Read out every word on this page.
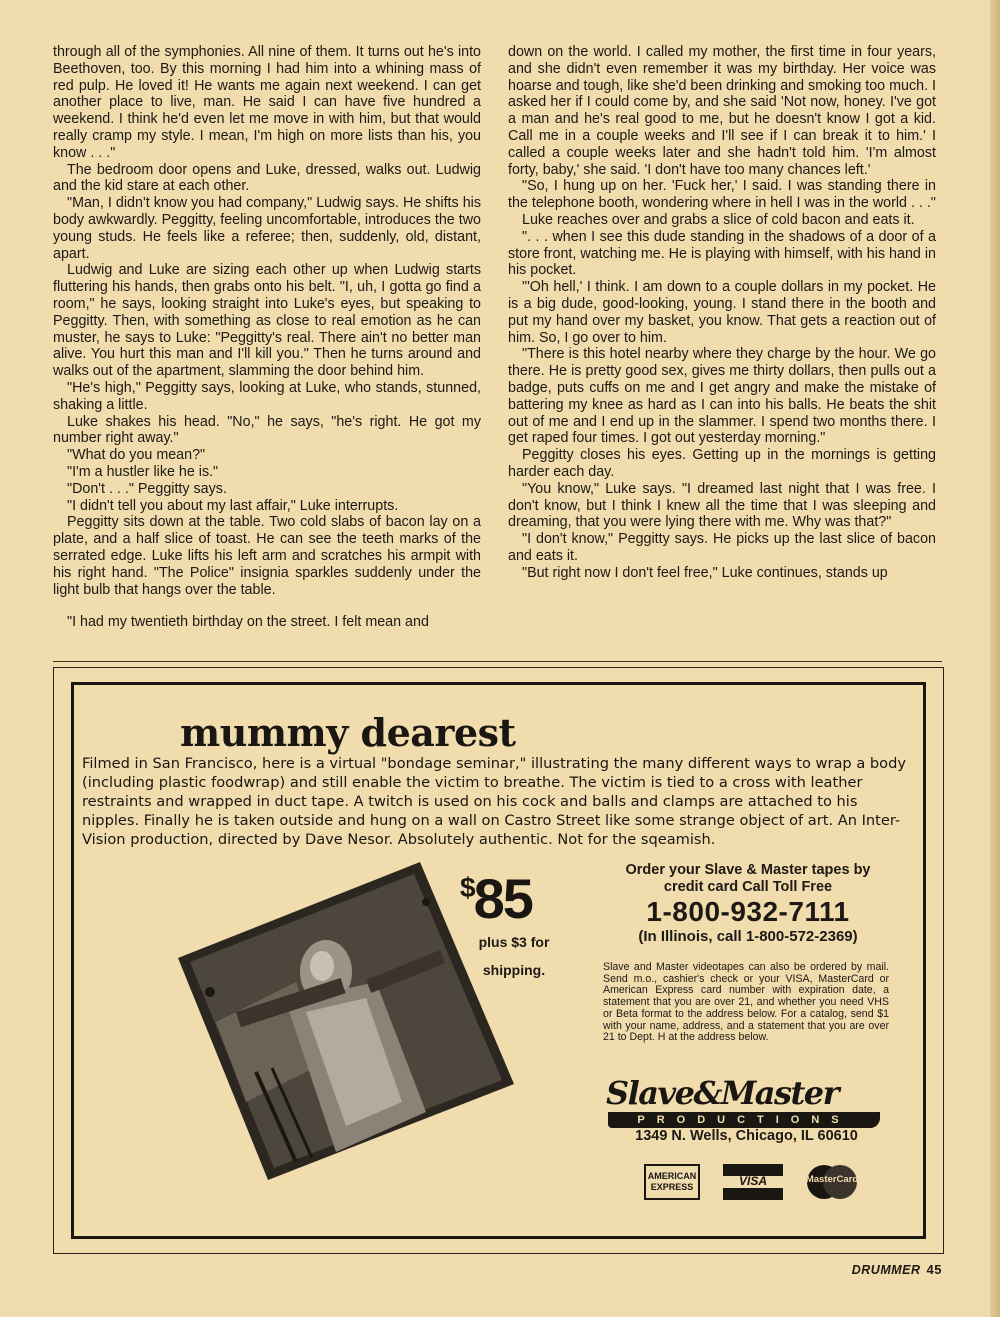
through all of the symphonies. All nine of them. It turns out he's into Beethoven, too. By this morning I had him into a whining mass of red pulp. He loved it! He wants me again next weekend. I can get another place to live, man. He said I can have five hundred a weekend. I think he'd even let me move in with him, but that would really cramp my style. I mean, I'm high on more lists than his, you know . . ."

The bedroom door opens and Luke, dressed, walks out. Ludwig and the kid stare at each other.

"Man, I didn't know you had company," Ludwig says. He shifts his body awkwardly. Peggitty, feeling uncomfortable, introduces the two young studs. He feels like a referee; then, suddenly, old, distant, apart.

Ludwig and Luke are sizing each other up when Ludwig starts fluttering his hands, then grabs onto his belt. "I, uh, I gotta go find a room," he says, looking straight into Luke's eyes, but speaking to Peggitty. Then, with something as close to real emotion as he can muster, he says to Luke: "Peggitty's real. There ain't no better man alive. You hurt this man and I'll kill you." Then he turns around and walks out of the apartment, slamming the door behind him.

"He's high," Peggitty says, looking at Luke, who stands, stunned, shaking a little.

Luke shakes his head. "No," he says, "he's right. He got my number right away."

"What do you mean?"

"I'm a hustler like he is."

"Don't . . ." Peggitty says.

"I didn't tell you about my last affair," Luke interrupts.

Peggitty sits down at the table. Two cold slabs of bacon lay on a plate, and a half slice of toast. He can see the teeth marks of the serrated edge. Luke lifts his left arm and scratches his armpit with his right hand. "The Police" insignia sparkles suddenly under the light bulb that hangs over the table.

"I had my twentieth birthday on the street. I felt mean and

down on the world. I called my mother, the first time in four years, and she didn't even remember it was my birthday. Her voice was hoarse and tough, like she'd been drinking and smoking too much. I asked her if I could come by, and she said 'Not now, honey. I've got a man and he's real good to me, but he doesn't know I got a kid. Call me in a couple weeks and I'll see if I can break it to him.' I called a couple weeks later and she hadn't told him. 'I'm almost forty, baby,' she said. 'I don't have too many chances left.'

"So, I hung up on her. 'Fuck her,' I said. I was standing there in the telephone booth, wondering where in hell I was in the world . . ."

Luke reaches over and grabs a slice of cold bacon and eats it.

". . . when I see this dude standing in the shadows of a door of a store front, watching me. He is playing with himself, with his hand in his pocket.

"'Oh hell,' I think. I am down to a couple dollars in my pocket. He is a big dude, good-looking, young. I stand there in the booth and put my hand over my basket, you know. That gets a reaction out of him. So, I go over to him.

"There is this hotel nearby where they charge by the hour. We go there. He is pretty good sex, gives me thirty dollars, then pulls out a badge, puts cuffs on me and I get angry and make the mistake of battering my knee as hard as I can into his balls. He beats the shit out of me and I end up in the slammer. I spend two months there. I get raped four times. I got out yesterday morning."

Peggitty closes his eyes. Getting up in the mornings is getting harder each day.

"You know," Luke says. "I dreamed last night that I was free. I don't know, but I think I knew all the time that I was sleeping and dreaming, that you were lying there with me. Why was that?"

"I don't know," Peggitty says. He picks up the last slice of bacon and eats it.

"But right now I don't feel free," Luke continues, stands up

mummy dearest
Filmed in San Francisco, here is a virtual "bondage seminar," illustrating the many different ways to wrap a body (including plastic foodwrap) and still enable the victim to breathe. The victim is tied to a cross with leather restraints and wrapped in duct tape. A twitch is used on his cock and balls and clamps are attached to his nipples. Finally he is taken outside and hung on a wall on Castro Street like some strange object of art. An Inter-Vision production, directed by Dave Nesor. Absolutely authentic. Not for the sqeamish.
$85
plus $3 for
shipping.
Order your Slave & Master tapes by credit card Call Toll Free
1-800-932-7111
(In Illinois, call 1-800-572-2369)
Slave and Master videotapes can also be ordered by mail. Send m.o., cashier's check or your VISA, MasterCard or American Express card number with expiration date, a statement that you are over 21, and whether you need VHS or Beta format to the address below. For a catalog, send $1 with your name, address, and a statement that you are over 21 to Dept. H at the address below.
Slave&Master
PRODUCTIONS
1349 N. Wells, Chicago, IL 60610
AMERICAN
EXPRESS	VISA	MasterCard
DRUMMER 45
